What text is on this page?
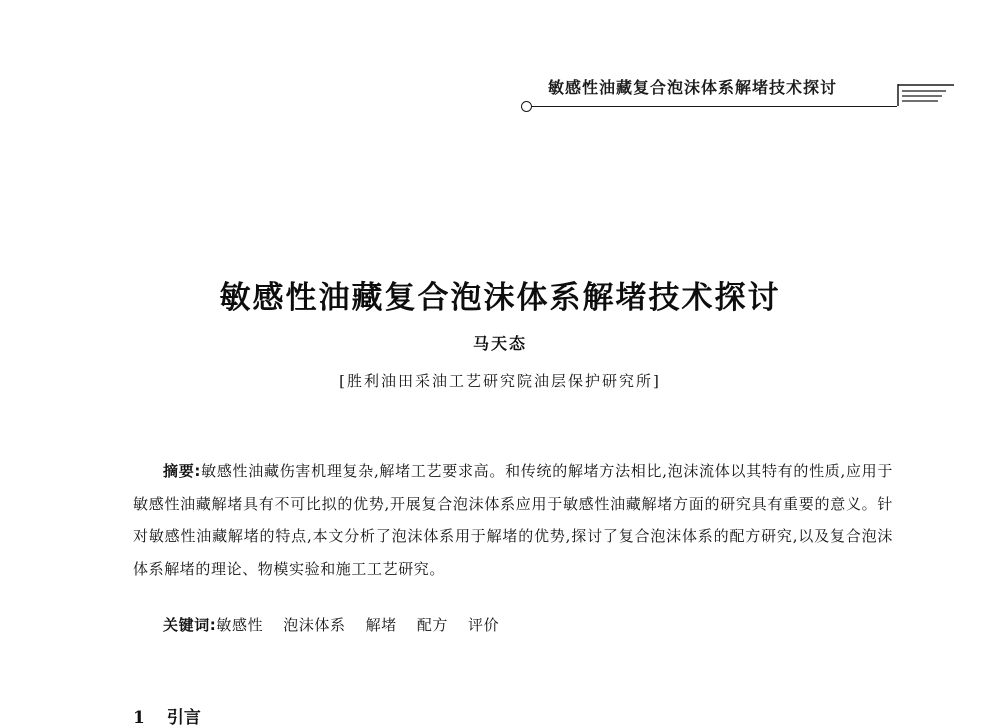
敏感性油藏复合泡沫体系解堵技术探讨
敏感性油藏复合泡沫体系解堵技术探讨
马天态
[胜利油田采油工艺研究院油层保护研究所]
摘要:敏感性油藏伤害机理复杂,解堵工艺要求高。和传统的解堵方法相比,泡沫流体以其特有的性质,应用于敏感性油藏解堵具有不可比拟的优势,开展复合泡沫体系应用于敏感性油藏解堵方面的研究具有重要的意义。针对敏感性油藏解堵的特点,本文分析了泡沫体系用于解堵的优势,探讨了复合泡沫体系的配方研究,以及复合泡沫体系解堵的理论、物模实验和施工工艺研究。
关键词:敏感性 泡沫体系 解堵 配方 评价
1 引言
